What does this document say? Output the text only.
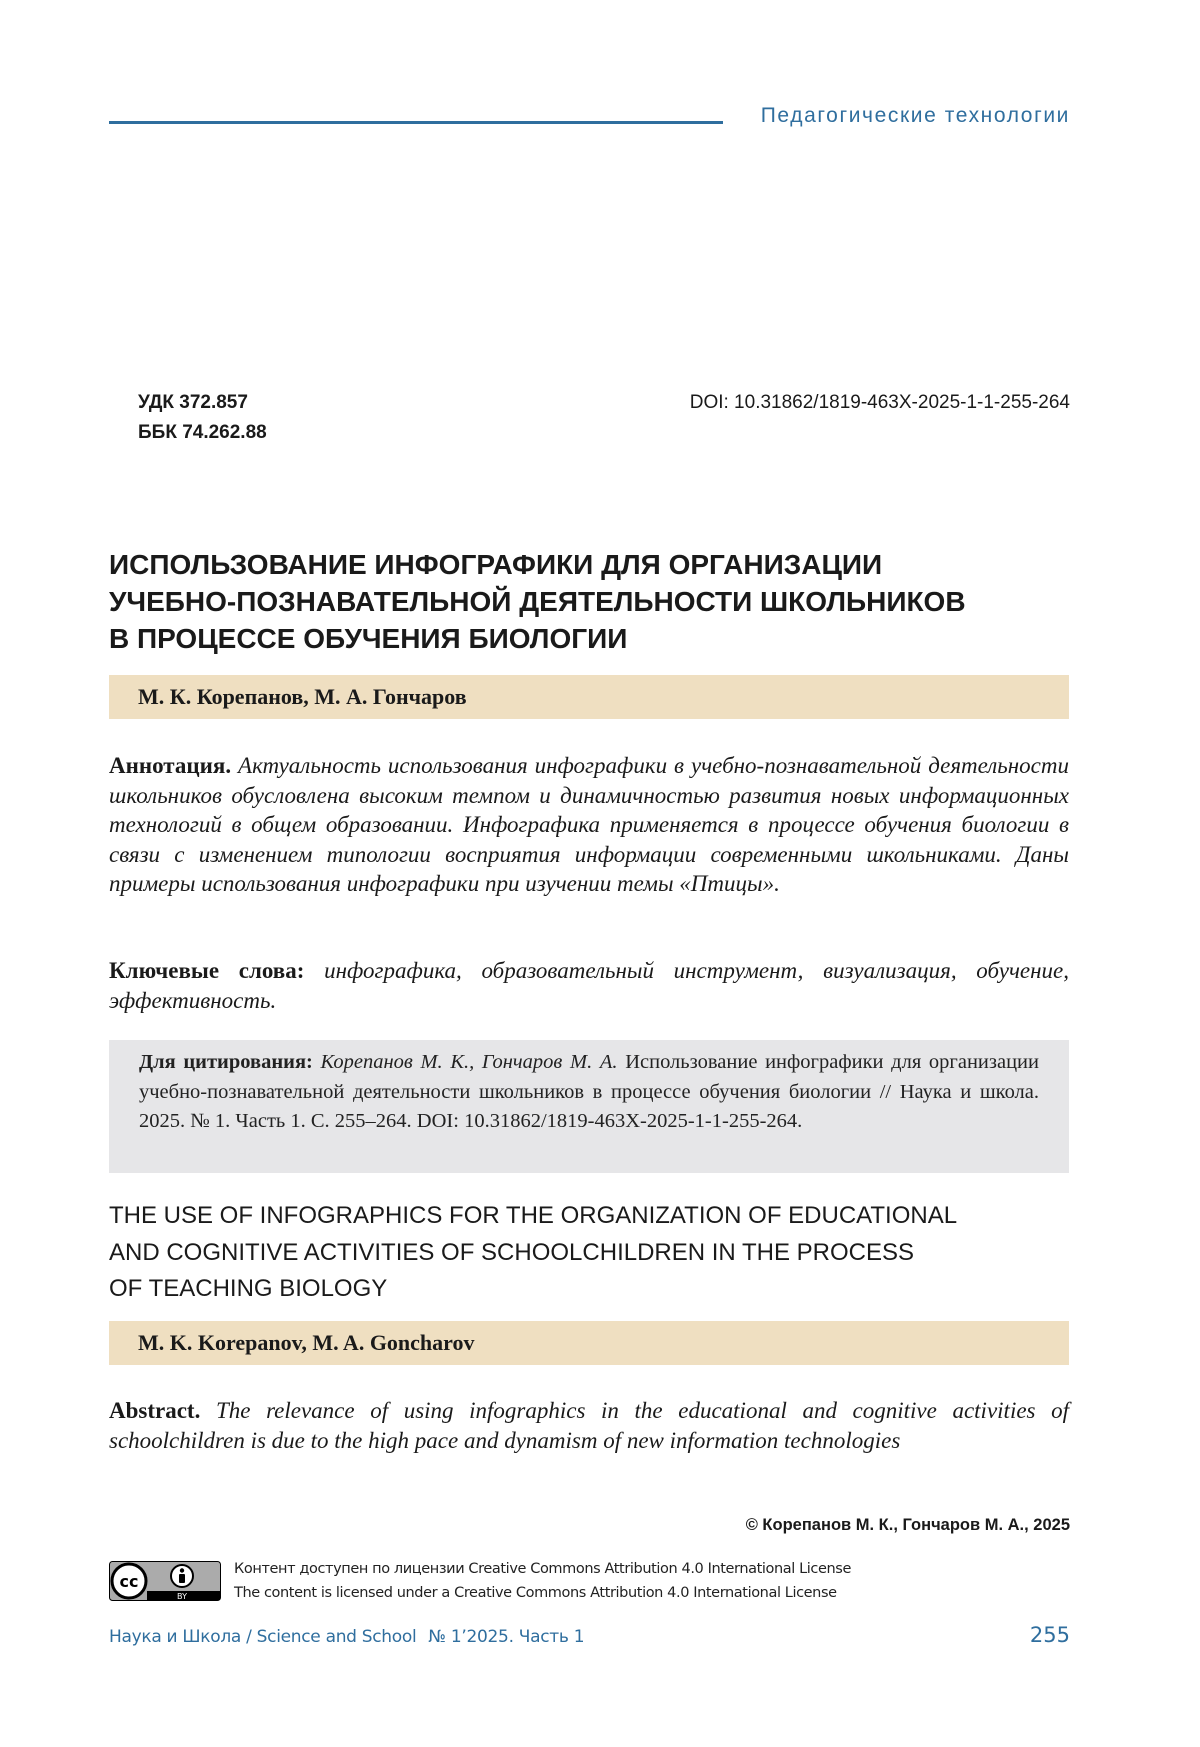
Педагогические технологии
УДК 372.857
ББК 74.262.88
DOI: 10.31862/1819-463X-2025-1-1-255-264
ИСПОЛЬЗОВАНИЕ ИНФОГРАФИКИ ДЛЯ ОРГАНИЗАЦИИ
УЧЕБНО-ПОЗНАВАТЕЛЬНОЙ ДЕЯТЕЛЬНОСТИ ШКОЛЬНИКОВ
В ПРОЦЕССЕ ОБУЧЕНИЯ БИОЛОГИИ
М. К. Корепанов, М. А. Гончаров
Аннотация. Актуальность использования инфографики в учебно-познавательной деятельности школьников обусловлена высоким темпом и динамичностью развития новых информационных технологий в общем образовании. Инфографика применяется в процессе обучения биологии в связи с изменением типологии восприятия информации современными школьниками. Даны примеры использования инфографики при изучении темы «Птицы».
Ключевые слова: инфографика, образовательный инструмент, визуализация, обучение, эффективность.
Для цитирования: Корепанов М. К., Гончаров М. А. Использование инфографики для организации учебно-познавательной деятельности школьников в процессе обучения биологии // Наука и школа. 2025. № 1. Часть 1. С. 255–264. DOI: 10.31862/1819-463X-2025-1-1-255-264.
THE USE OF INFOGRAPHICS FOR THE ORGANIZATION OF EDUCATIONAL
AND COGNITIVE ACTIVITIES OF SCHOOLCHILDREN IN THE PROCESS
OF TEACHING BIOLOGY
M. K. Korepanov, M. A. Goncharov
Abstract. The relevance of using infographics in the educational and cognitive activities of schoolchildren is due to the high pace and dynamism of new information technologies
© Корепанов М. К., Гончаров М. А., 2025
cc
BY
Контент доступен по лицензии Creative Commons Attribution 4.0 International License
The content is licensed under a Creative Commons Attribution 4.0 International License
Наука и Школа / Science and School № 1’2025. Часть 1	255
